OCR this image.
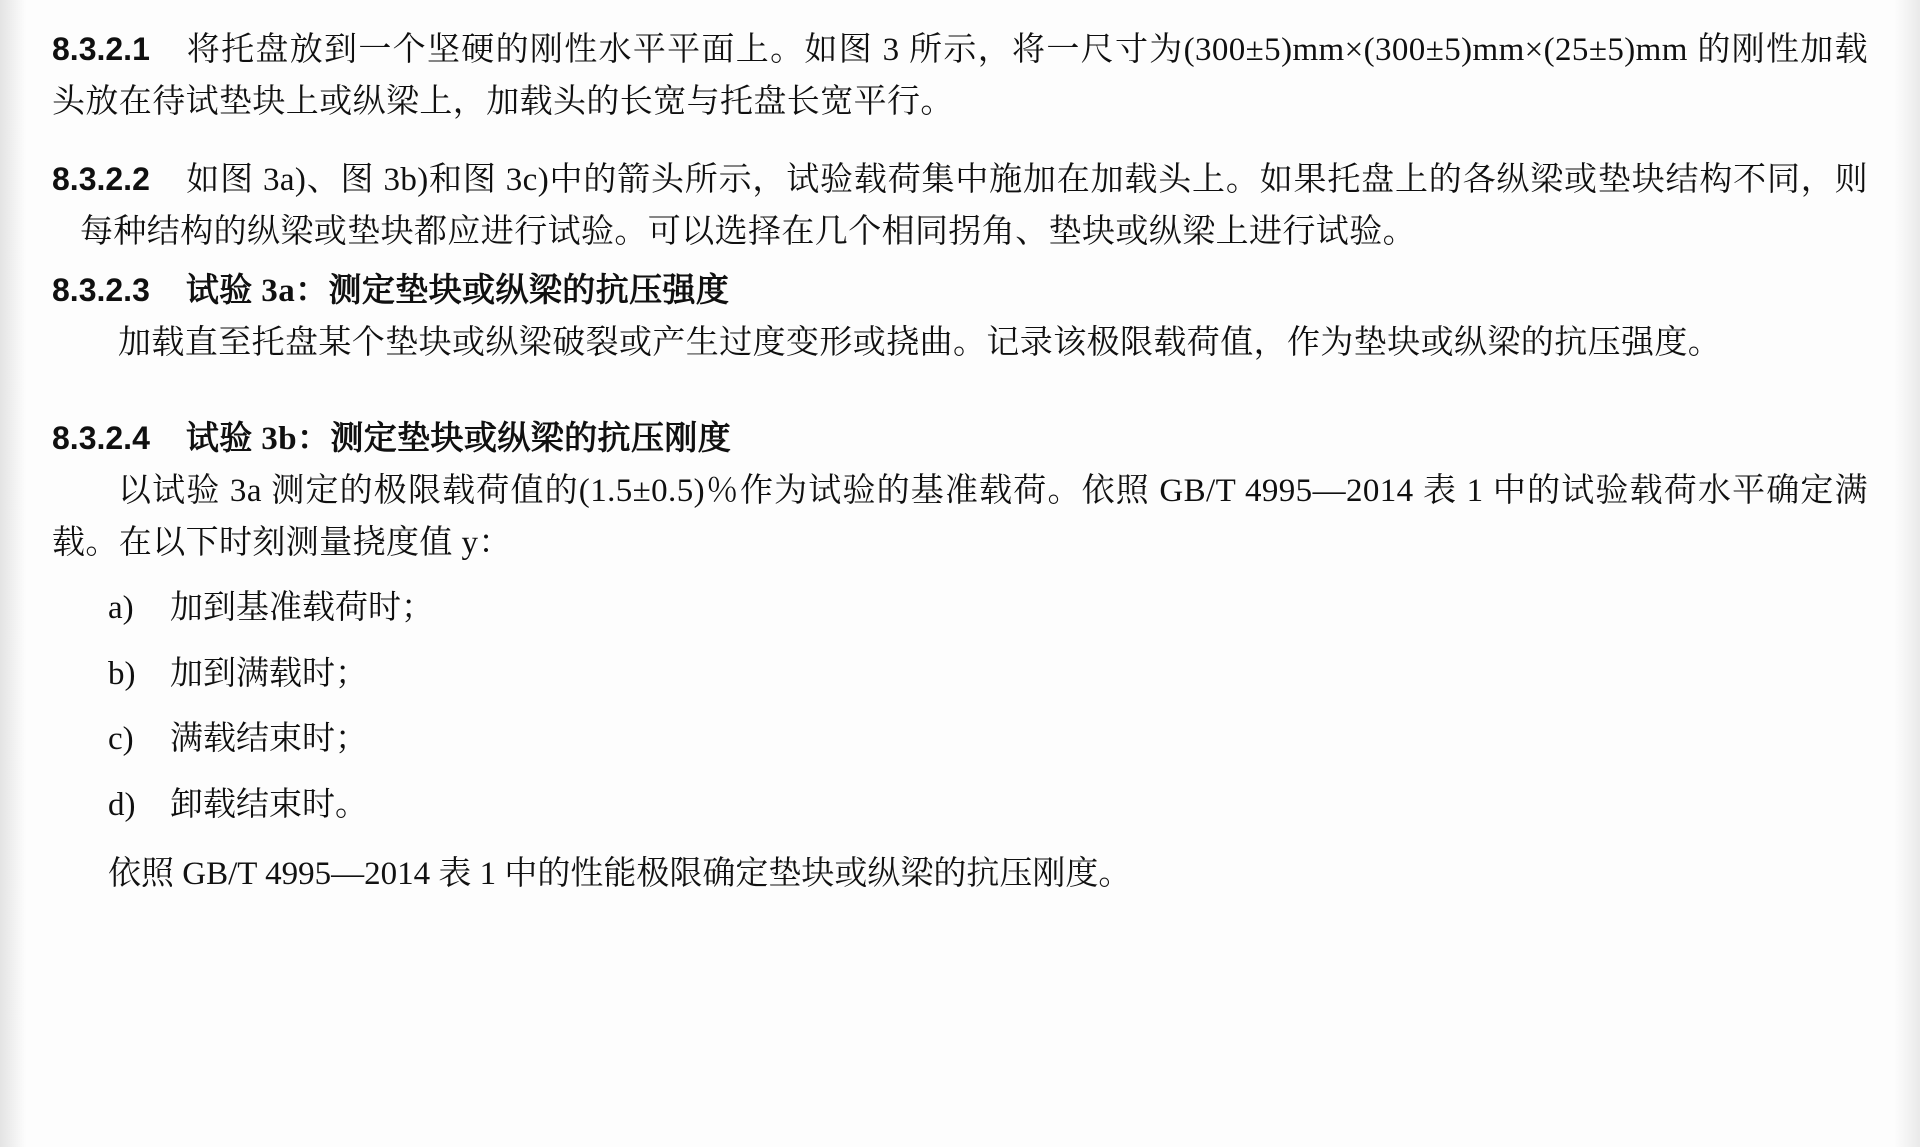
8.3.2.1 将托盘放到一个坚硬的刚性水平平面上。如图 3 所示，将一尺寸为(300±5)mm×(300±5)mm×(25±5)mm 的刚性加载头放在待试垫块上或纵梁上，加载头的长宽与托盘长宽平行。

8.3.2.2 如图 3a)、图 3b)和图 3c)中的箭头所示，试验载荷集中施加在加载头上。如果托盘上的各纵梁或垫块结构不同，则每种结构的纵梁或垫块都应进行试验。可以选择在几个相同拐角、垫块或纵梁上进行试验。

8.3.2.3 试验 3a：测定垫块或纵梁的抗压强度

加载直至托盘某个垫块或纵梁破裂或产生过度变形或挠曲。记录该极限载荷值，作为垫块或纵梁的抗压强度。

8.3.2.4 试验 3b：测定垫块或纵梁的抗压刚度

以试验 3a 测定的极限载荷值的(1.5±0.5)％作为试验的基准载荷。依照 GB/T 4995—2014 表 1 中的试验载荷水平确定满载。在以下时刻测量挠度值 y：

a) 加到基准载荷时；
b) 加到满载时；
c) 满载结束时；
d) 卸载结束时。

依照 GB/T 4995—2014 表 1 中的性能极限确定垫块或纵梁的抗压刚度。
